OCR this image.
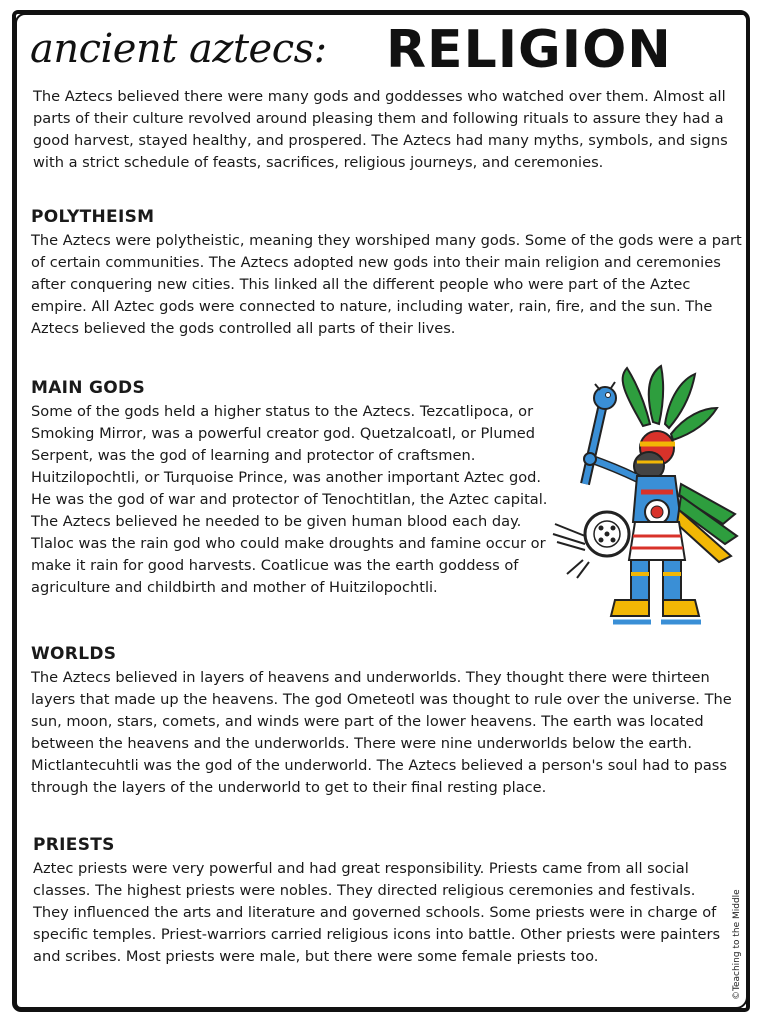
ancient aztecs: RELIGION

The Aztecs believed there were many gods and goddesses who watched over them. Almost all parts of their culture revolved around pleasing them and following rituals to assure they had a good harvest, stayed healthy, and prospered. The Aztecs had many myths, symbols, and signs with a strict schedule of feasts, sacrifices, religious journeys, and ceremonies.

POLYTHEISM

The Aztecs were polytheistic, meaning they worshiped many gods. Some of the gods were a part of certain communities. The Aztecs adopted new gods into their main religion and ceremonies after conquering new cities. This linked all the different people who were part of the Aztec empire. All Aztec gods were connected to nature, including water, rain, fire, and the sun. The Aztecs believed the gods controlled all parts of their lives.

MAIN GODS

Some of the gods held a higher status to the Aztecs. Tezcatlipoca, or Smoking Mirror, was a powerful creator god. Quetzalcoatl, or Plumed Serpent, was the god of learning and protector of craftsmen. Huitzilopochtli, or Turquoise Prince, was another important Aztec god. He was the god of war and protector of Tenochtitlan, the Aztec capital. The Aztecs believed he needed to be given human blood each day. Tlaloc was the rain god who could make droughts and famine occur or make it rain for good harvests. Coatlicue was the earth goddess of agriculture and childbirth and mother of Huitzilopochtli.

WORLDS

The Aztecs believed in layers of heavens and underworlds. They thought there were thirteen layers that made up the heavens. The god Ometeotl was thought to rule over the universe. The sun, moon, stars, comets, and winds were part of the lower heavens. The earth was located between the heavens and the underworlds. There were nine underworlds below the earth. Mictlantecuhtli was the god of the underworld. The Aztecs believed a person's soul had to pass through the layers of the underworld to get to their final resting place.

PRIESTS

Aztec priests were very powerful and had great responsibility. Priests came from all social classes. The highest priests were nobles. They directed religious ceremonies and festivals. They influenced the arts and literature and governed schools. Some priests were in charge of specific temples. Priest-warriors carried religious icons into battle. Other priests were painters and scribes. Most priests were male, but there were some female priests too.	©Teaching to the Middle
